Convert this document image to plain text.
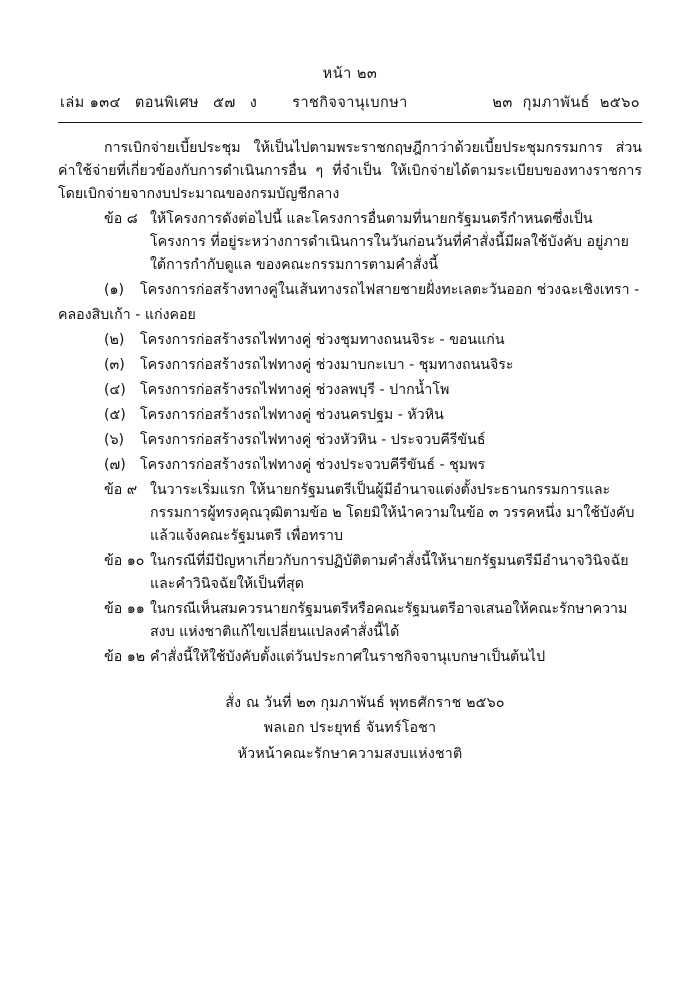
หน้า ๒๓
เล่ม ๑๓๔ ตอนพิเศษ ๕๗ ง ราชกิจจานุเบกษา	๒๓ กุมภาพันธ์ ๒๕๖๐

การเบิกจ่ายเบี้ยประชุม ให้เป็นไปตามพระราชกฤษฎีกาว่าด้วยเบี้ยประชุมกรรมการ ส่วนค่าใช้จ่ายที่เกี่ยวข้องกับการดำเนินการอื่น ๆ ที่จำเป็น ให้เบิกจ่ายได้ตามระเบียบของทางราชการ โดยเบิกจ่ายจากงบประมาณของกรมบัญชีกลาง

ข้อ ๘ ให้โครงการดังต่อไปนี้ และโครงการอื่นตามที่นายกรัฐมนตรีกำหนดซึ่งเป็นโครงการ ที่อยู่ระหว่างการดำเนินการในวันก่อนวันที่คำสั่งนี้มีผลใช้บังคับ อยู่ภายใต้การกำกับดูแล ของคณะกรรมการตามคำสั่งนี้
(๑)	โครงการก่อสร้างทางคู่ในเส้นทางรถไฟสายชายฝั่งทะเลตะวันออก ช่วงฉะเชิงเทรา -

คลองสิบเก้า - แก่งคอย

(๒)	โครงการก่อสร้างรถไฟทางคู่ ช่วงชุมทางถนนจิระ - ขอนแก่น
(๓)	โครงการก่อสร้างรถไฟทางคู่ ช่วงมาบกะเบา - ชุมทางถนนจิระ
(๔) โครงการก่อสร้างรถไฟทางคู่ ช่วงลพบุรี - ปากน้ำโพ
(๕) โครงการก่อสร้างรถไฟทางคู่ ช่วงนครปฐม - หัวหิน
(๖)	โครงการก่อสร้างรถไฟทางคู่ ช่วงหัวหิน - ประจวบคีรีขันธ์
(๗)	โครงการก่อสร้างรถไฟทางคู่ ช่วงประจวบคีรีขันธ์ - ชุมพร
ข้อ ๙ ในวาระเริ่มแรก ให้นายกรัฐมนตรีเป็นผู้มีอำนาจแต่งตั้งประธานกรรมการและ กรรมการผู้ทรงคุณวุฒิตามข้อ ๒ โดยมิให้นำความในข้อ ๓ วรรคหนึ่ง มาใช้บังคับ แล้วแจ้งคณะรัฐมนตรี เพื่อทราบ
ข้อ ๑๐ ในกรณีที่มีปัญหาเกี่ยวกับการปฏิบัติตามคำสั่งนี้ให้นายกรัฐมนตรีมีอำนาจวินิจฉัย และคำวินิจฉัยให้เป็นที่สุด
ข้อ ๑๑ ในกรณีเห็นสมควรนายกรัฐมนตรีหรือคณะรัฐมนตรีอาจเสนอให้คณะรักษาความสงบ แห่งชาติแก้ไขเปลี่ยนแปลงคำสั่งนี้ได้
ข้อ ๑๒ คำสั่งนี้ให้ใช้บังคับตั้งแต่วันประกาศในราชกิจจานุเบกษาเป็นต้นไป
สั่ง ณ วันที่ ๒๓ กุมภาพันธ์ พุทธศักราช ๒๕๖๐
พลเอก ประยุทธ์ จันทร์โอชา
หัวหน้าคณะรักษาความสงบแห่งชาติ
